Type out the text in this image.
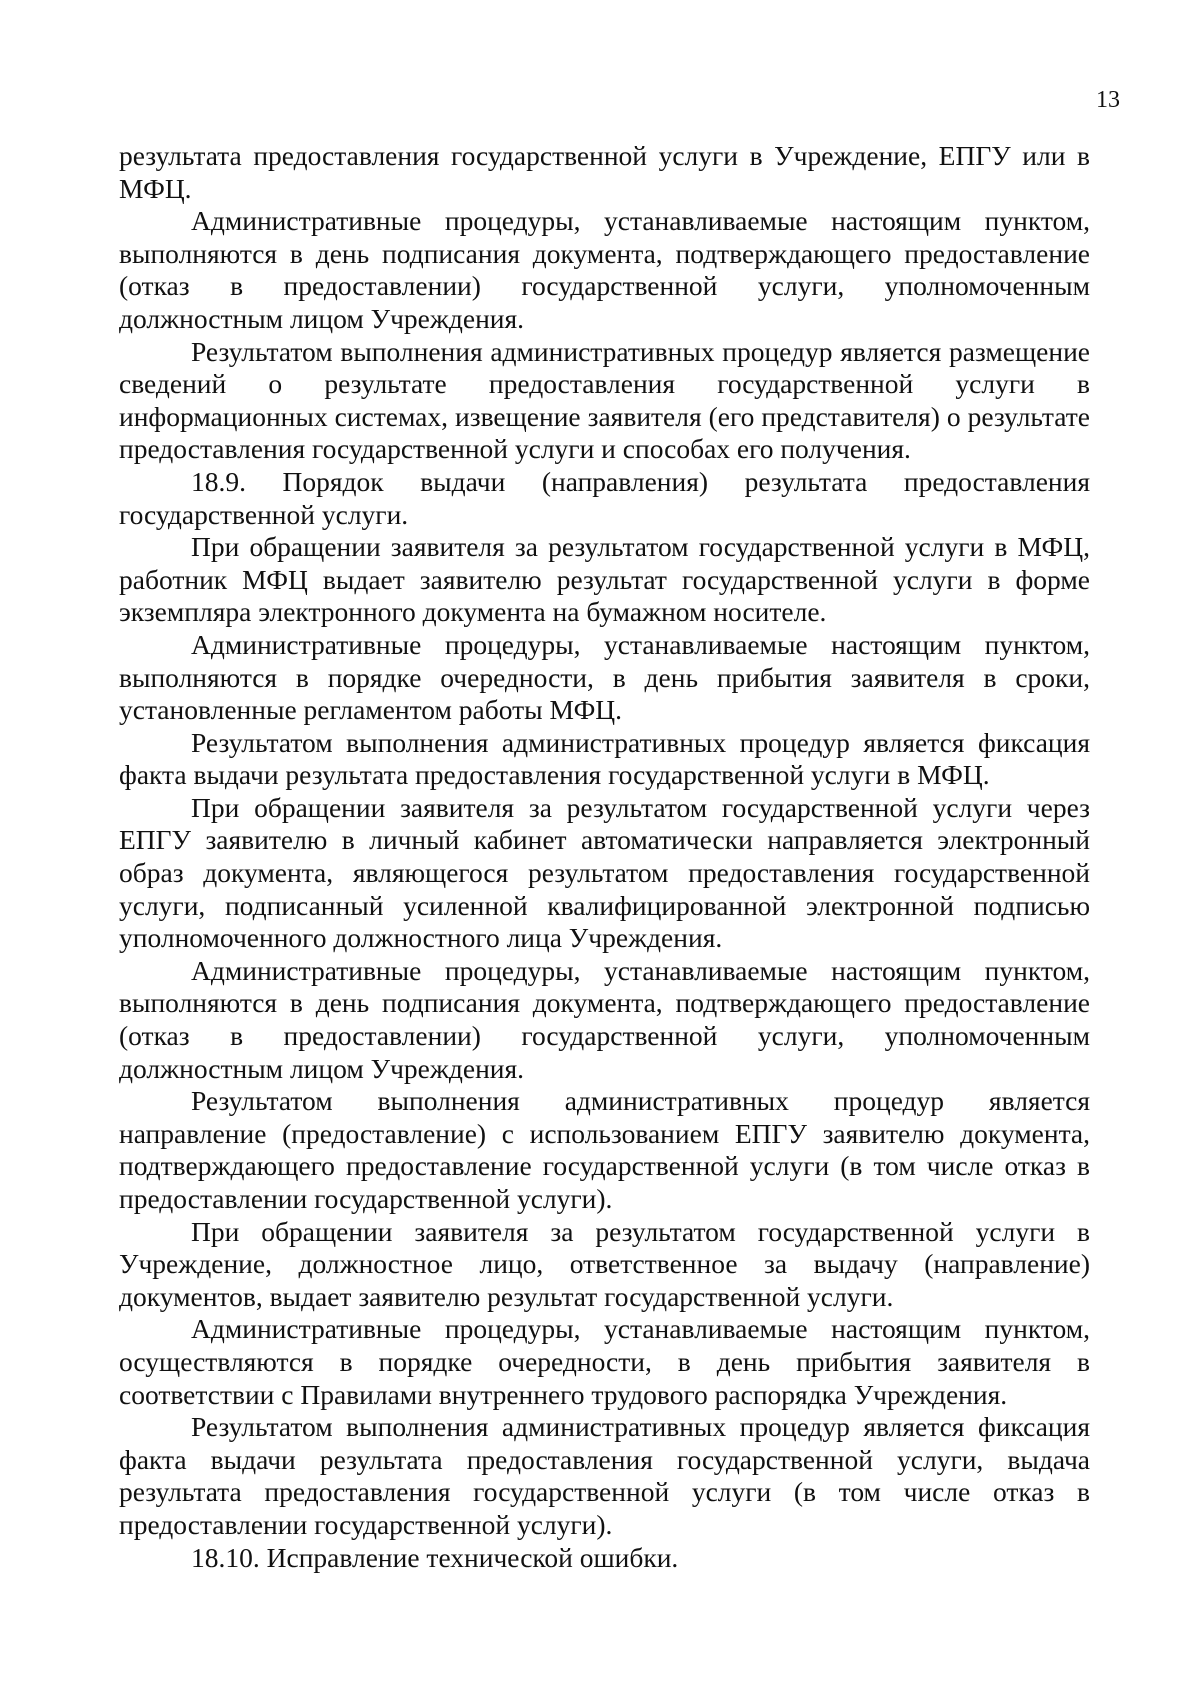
13

результата предоставления государственной услуги в Учреждение, ЕПГУ или в МФЦ.

Административные процедуры, устанавливаемые настоящим пунктом, выполняются в день подписания документа, подтверждающего предоставление (отказ в предоставлении) государственной услуги, уполномоченным должностным лицом Учреждения.

Результатом выполнения административных процедур является размещение сведений о результате предоставления государственной услуги в информационных системах, извещение заявителя (его представителя) о результате предоставления государственной услуги и способах его получения.

18.9. Порядок выдачи (направления) результата предоставления государственной услуги.

При обращении заявителя за результатом государственной услуги в МФЦ, работник МФЦ выдает заявителю результат государственной услуги в форме экземпляра электронного документа на бумажном носителе.

Административные процедуры, устанавливаемые настоящим пунктом, выполняются в порядке очередности, в день прибытия заявителя в сроки, установленные регламентом работы МФЦ.

Результатом выполнения административных процедур является фиксация факта выдачи результата предоставления государственной услуги в МФЦ.

При обращении заявителя за результатом государственной услуги через ЕПГУ заявителю в личный кабинет автоматически направляется электронный образ документа, являющегося результатом предоставления государственной услуги, подписанный усиленной квалифицированной электронной подписью уполномоченного должностного лица Учреждения.

Административные процедуры, устанавливаемые настоящим пунктом, выполняются в день подписания документа, подтверждающего предоставление (отказ в предоставлении) государственной услуги, уполномоченным должностным лицом Учреждения.

Результатом выполнения административных процедур является направление (предоставление) с использованием ЕПГУ заявителю документа, подтверждающего предоставление государственной услуги (в том числе отказ в предоставлении государственной услуги).

При обращении заявителя за результатом государственной услуги в Учреждение, должностное лицо, ответственное за выдачу (направление) документов, выдает заявителю результат государственной услуги.

Административные процедуры, устанавливаемые настоящим пунктом, осуществляются в порядке очередности, в день прибытия заявителя в соответствии с Правилами внутреннего трудового распорядка Учреждения.

Результатом выполнения административных процедур является фиксация факта выдачи результата предоставления государственной услуги, выдача результата предоставления государственной услуги (в том числе отказ в предоставлении государственной услуги).

18.10. Исправление технической ошибки.
